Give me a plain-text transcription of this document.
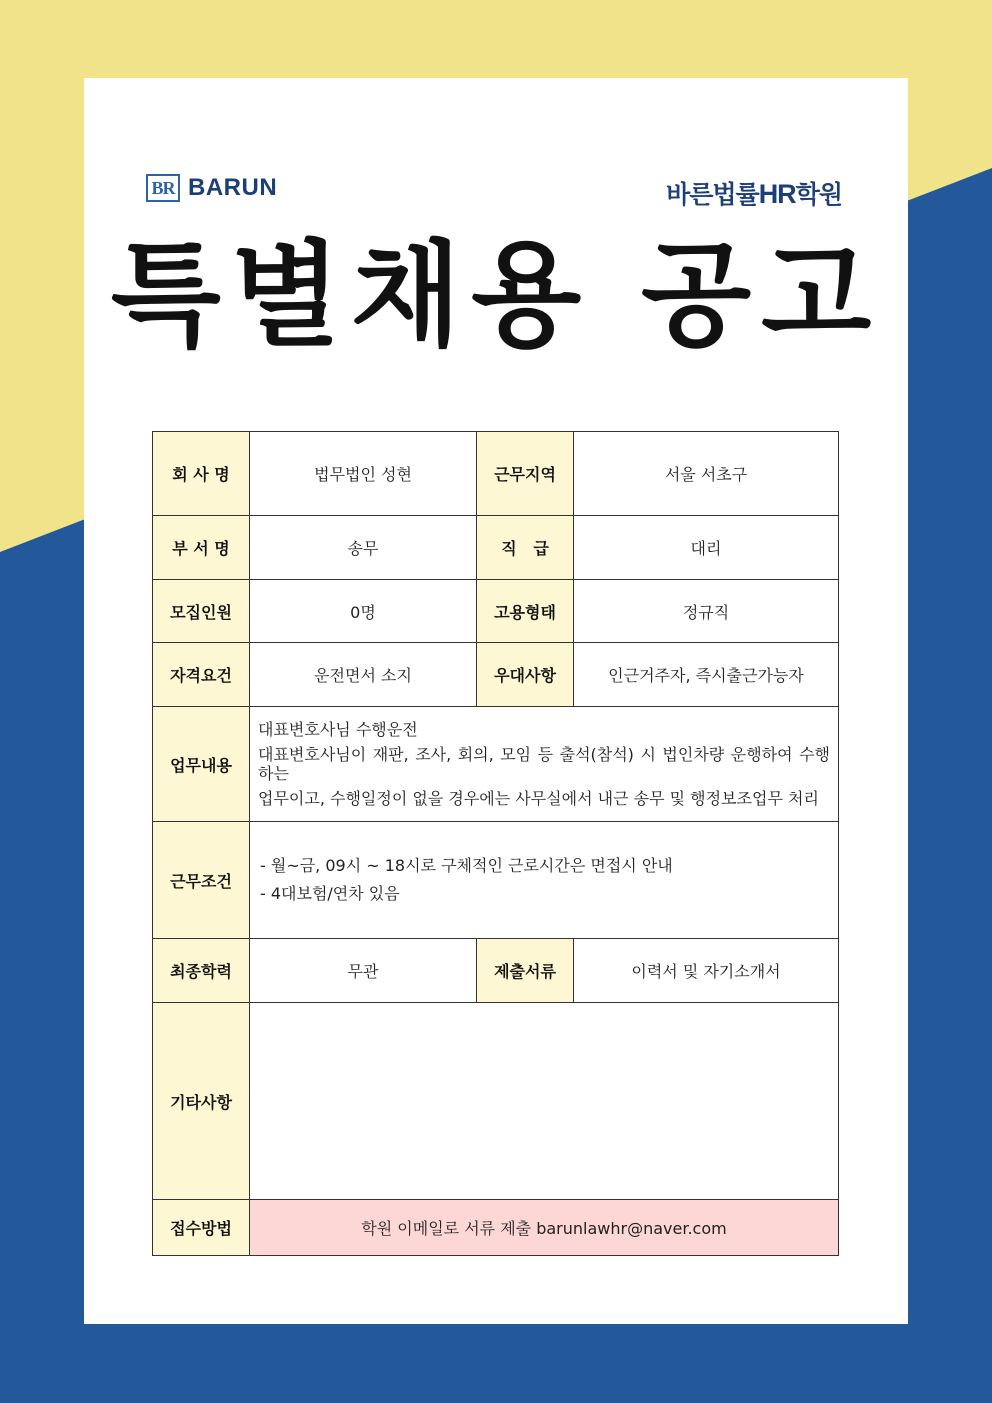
BR BARUN	바른법률HR학원
특별채용 공고
회 사 명	법무법인 성현	근무지역	서울 서초구
부 서 명	송무	직   급	대리
모집인원	0명	고용형태	정규직
자격요건	운전면서 소지	우대사항	인근거주자, 즉시출근가능자
업무내용	대표변호사님 수행운전

대표변호사님이 재판, 조사, 회의, 모임 등 출석(참석) 시 법인차량 운행하여 수행하는

업무이고, 수행일정이 없을 경우에는 사무실에서 내근 송무 및 행정보조업무 처리		

근무조건	- 월~금, 09시 ~ 18시로 구체적인 근로시간은 면접시 안내

- 4대보험/연차 있음		

최종학력	무관	제출서류	이력서 및 자기소개서
기타사항			
접수방법	학원 이메일로 서류 제출 barunlawhr@naver.com		
